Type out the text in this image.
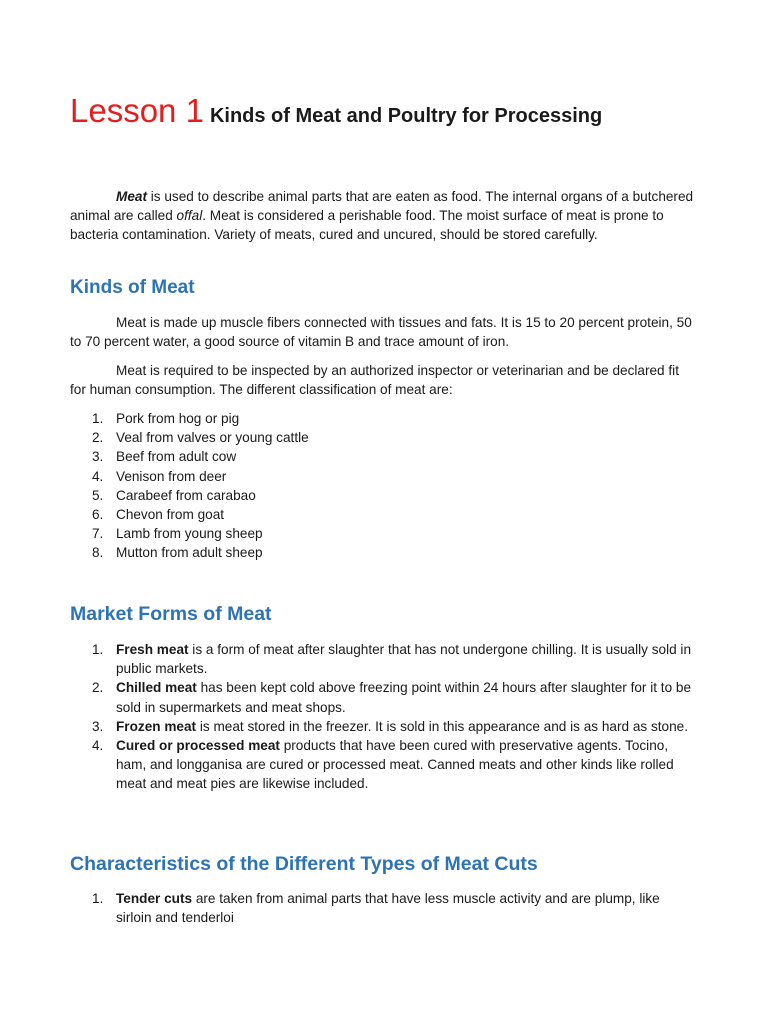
Lesson 1 Kinds of Meat and Poultry for Processing

Meat is used to describe animal parts that are eaten as food. The internal organs of a butchered animal are called offal. Meat is considered a perishable food. The moist surface of meat is prone to bacteria contamination. Variety of meats, cured and uncured, should be stored carefully.

Kinds of Meat

Meat is made up muscle fibers connected with tissues and fats. It is 15 to 20 percent protein, 50 to 70 percent water, a good source of vitamin B and trace amount of iron.

Meat is required to be inspected by an authorized inspector or veterinarian and be declared fit for human consumption. The different classification of meat are:

1. Pork from hog or pig
2. Veal from valves or young cattle
3. Beef from adult cow
4. Venison from deer
5. Carabeef from carabao
6. Chevon from goat
7. Lamb from young sheep
8. Mutton from adult sheep
Market Forms of Meat
1. Fresh meat is a form of meat after slaughter that has not undergone chilling. It is usually sold in public markets.
2. Chilled meat has been kept cold above freezing point within 24 hours after slaughter for it to be sold in supermarkets and meat shops.
3. Frozen meat is meat stored in the freezer. It is sold in this appearance and is as hard as stone.
4. Cured or processed meat products that have been cured with preservative agents. Tocino, ham, and longganisa are cured or processed meat. Canned meats and other kinds like rolled meat and meat pies are likewise included.
Characteristics of the Different Types of Meat Cuts
1. Tender cuts are taken from animal parts that have less muscle activity and are plump, like sirloin and tenderloi
